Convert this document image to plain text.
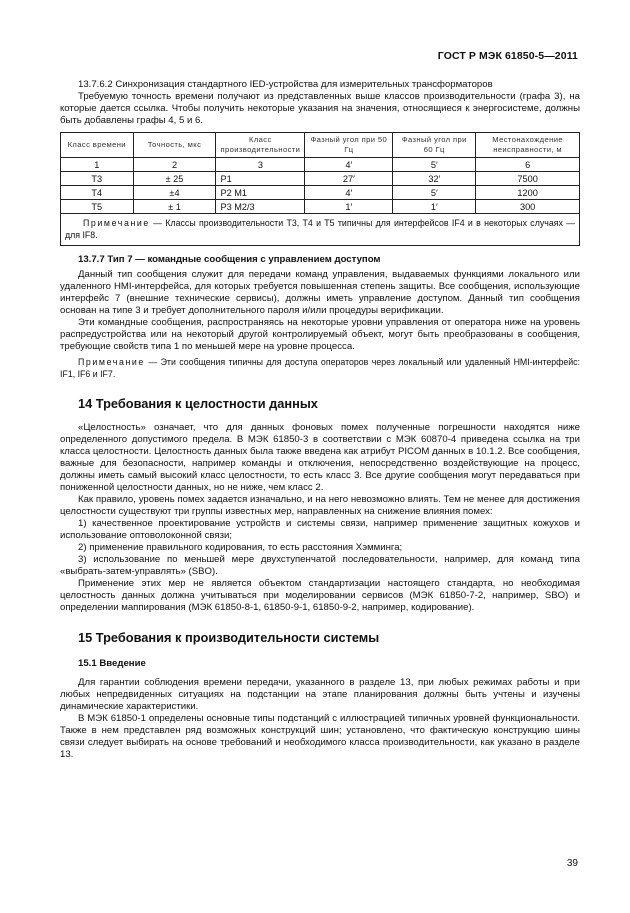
ГОСТ Р МЭК 61850-5—2011

13.7.6.2 Синхронизация стандартного IED-устройства для измерительных трансформаторов

Требуемую точность времени получают из представленных выше классов производительности (графа 3), на которые дается ссылка. Чтобы получить некоторые указания на значения, относящиеся к энергосистеме, должны быть добавлены графы 4, 5 и 6.

Класс времени	Точность, мкс	Класс производительности	Фазный угол при 50 Гц	Фазный угол при 60 Гц	Местонахождение неисправности, м
1	2	3	4′	5′	6
Т3	± 25	P1	27′	32′	7500
Т4	±4	P2 M1	4′	5′	1200
Т5	± 1	P3 M2/3	1′	1′	300

Примечание — Классы производительности Т3, Т4 и Т5 типичны для интерфейсов IF4 и в некоторых случаях — для IF8.					
13.7.7 Тип 7 — командные сообщения с управлением доступом

Данный тип сообщения служит для передачи команд управления, выдаваемых функциями локального или удаленного HMI-интерфейса, для которых требуется повышенная степень защиты. Все сообщения, использующие интерфейс 7 (внешние технические сервисы), должны иметь управление доступом. Данный тип сообщения основан на типе 3 и требует дополнительного пароля и/или процедуры верификации.

Эти командные сообщения, распространяясь на некоторые уровни управления от оператора ниже на уровень распредустройства или на некоторый другой контролируемый объект, могут быть преобразованы в сообщения, требующие свойств типа 1 по меньшей мере на уровне процесса.

Примечание — Эти сообщения типичны для доступа операторов через локальный или удаленный HMI-интерфейс: IF1, IF6 и IF7.
14 Требования к целостности данных

«Целостность» означает, что для данных фоновых помех полученные погрешности находятся ниже определенного допустимого предела. В МЭК 61850-3 в соответствии с МЭК 60870-4 приведена ссылка на три класса целостности. Целостность данных была также введена как атрибут PICOM данных в 10.1.2. Все сообщения, важные для безопасности, например команды и отключения, непосредственно воздействующие на процесс, должны иметь самый высокий класс целостности, то есть класс 3. Все другие сообщения могут передаваться при пониженной целостности данных, но не ниже, чем класс 2.

Как правило, уровень помех задается изначально, и на него невозможно влиять. Тем не менее для достижения целостности существуют три группы известных мер, направленных на снижение влияния помех:

1) качественное проектирование устройств и системы связи, например применение защитных кожухов и использование оптоволоконной связи;

2) применение правильного кодирования, то есть расстояния Хэмминга;

3) использование по меньшей мере двухступенчатой последовательности, например, для команд типа «выбрать-затем-управлять» (SBO).

Применение этих мер не является объектом стандартизации настоящего стандарта, но необходимая целостность данных должна учитываться при моделировании сервисов (МЭК 61850-7-2, например, SBO) и определении маппирования (МЭК 61850-8-1, 61850-9-1, 61850-9-2, например, кодирование).

15 Требования к производительности системы
15.1 Введение

Для гарантии соблюдения времени передачи, указанного в разделе 13, при любых режимах работы и при любых непредвиденных ситуациях на подстанции на этапе планирования должны быть учтены и изучены динамические характеристики.

В МЭК 61850-1 определены основные типы подстанций с иллюстрацией типичных уровней функциональности. Также в нем представлен ряд возможных конструкций шин; установлено, что фактическую конструкцию шины связи следует выбирать на основе требований и необходимого класса производительности, как указано в разделе 13.

39
